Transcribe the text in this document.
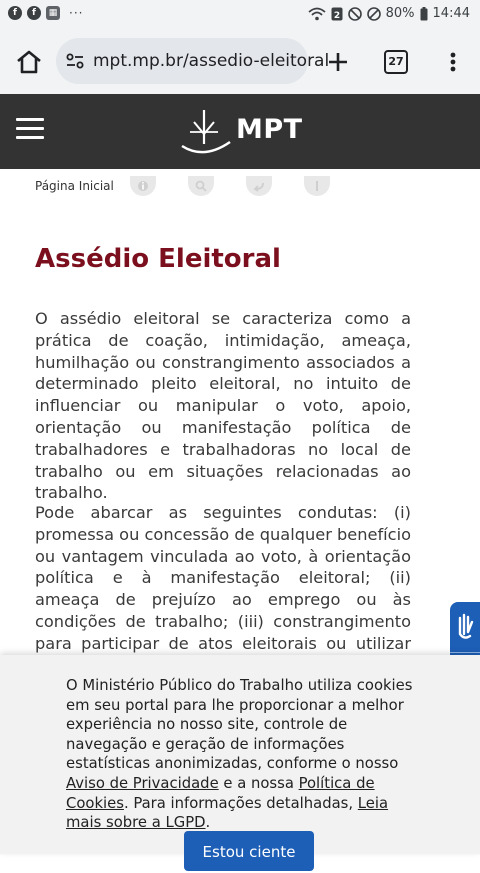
f	f	▦ ···	2	80% 14:44
mpt.mp.br/assedio-eleitoral	27
MPT
Página Inicial
Assédio Eleitoral

O assédio eleitoral se caracteriza como a prática de coação, intimidação, ameaça, humilhação ou constrangimento associados a determinado pleito eleitoral, no intuito de influenciar ou manipular o voto, apoio, orientação ou manifestação política de trabalhadores e trabalhadoras no local de trabalho ou em situações relacionadas ao trabalho.

Pode abarcar as seguintes condutas: (i) promessa ou concessão de qualquer benefício ou vantagem vinculada ao voto, à orientação política e à manifestação eleitoral; (ii) ameaça de prejuízo ao emprego ou às condições de trabalho; (iii) constrangimento para participar de atos eleitorais ou utilizar

O Ministério Público do Trabalho utiliza cookies em seu portal para lhe proporcionar a melhor experiência no nosso site, controle de navegação e geração de informações estatísticas anonimizadas, conforme o nosso Aviso de Privacidade e a nossa Política de Cookies. Para informações detalhadas, Leia mais sobre a LGPD.

Estou ciente
